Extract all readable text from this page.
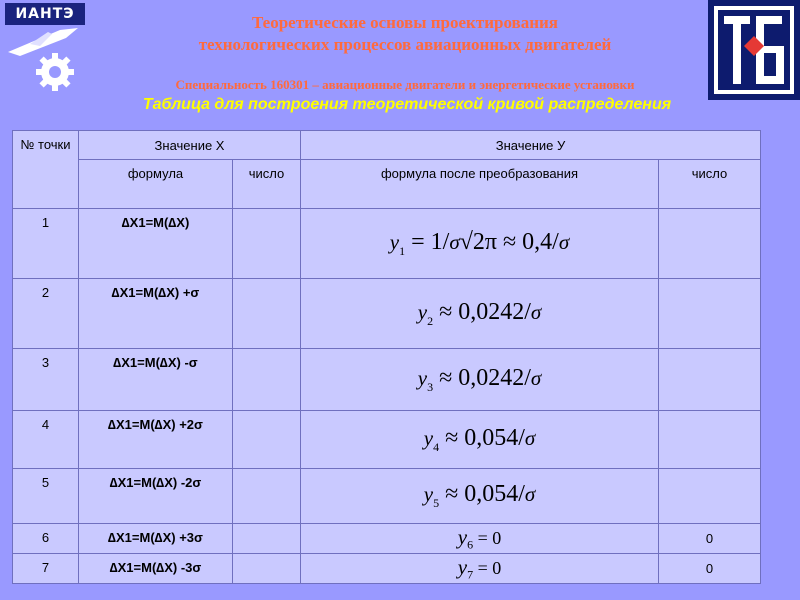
ИАНТЭ	Теоретические основы проектирования
технологических процессов авиационных двигателей
Специальность 160301 – авиационные двигатели и энергетические установки
Таблица для построения теоретической кривой распределения
№ точки	Значение Х		Значение У	
	формула	число	формула после преобразования	число
1	∆Х1=М(∆Х)		$y_1 = 1/\sigma√2\pi \approx 0,4/\sigma$	
2	∆Х1=М(∆Х) +σ		$y_2 \approx 0,0242/\sigma$	
3	∆Х1=М(∆Х) -σ		$y_3 \approx 0,0242/\sigma$	
4	∆Х1=М(∆Х) +2σ		$y_4 \approx 0,054/\sigma$	
5	∆Х1=М(∆Х) -2σ		$y_5 \approx 0,054/\sigma$	
6	∆Х1=М(∆Х) +3σ		$y_6 = 0$	0
7	∆Х1=М(∆Х) -3σ		$y_7 = 0$	0
